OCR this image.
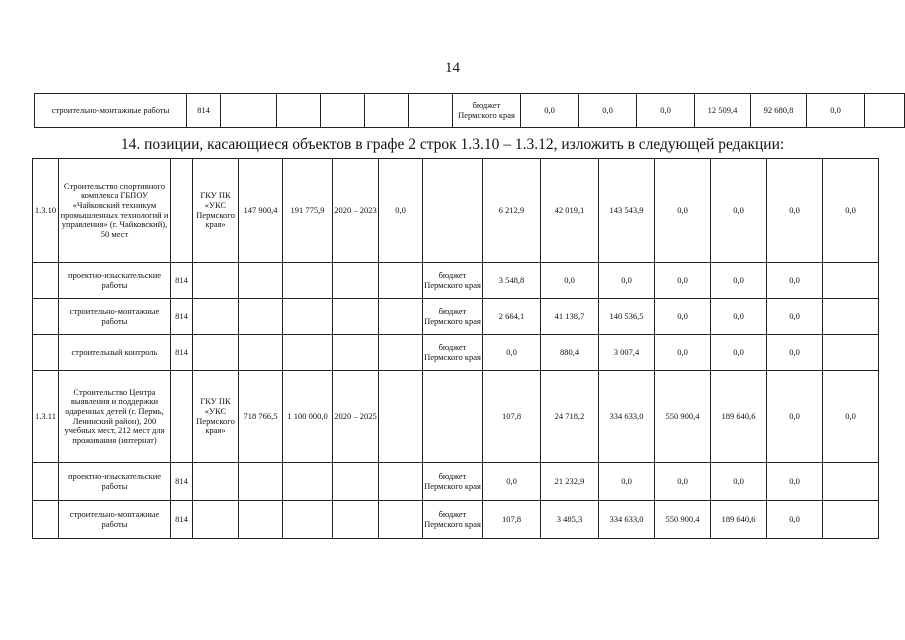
14
строительно-монтажные работы	814						бюджет Пермского края	0,0	0,0	0,0	12 509,4	92 680,8	0,0	
14. позиции, касающиеся объектов в графе 2 строк 1.3.10 – 1.3.12, изложить в следующей редакции:
1.3.10	Строительство спортивного комплекса ГБПОУ «Чайковский техникум промышленных технологий и управления» (г. Чайковский), 50 мест		ГКУ ПК «УКС Пермского края»	147 900,4	191 775,9	2020 – 2023	0,0		6 212,9	42 019,1	143 543,9	0,0	0,0	0,0	0,0
	проектно-изыскательские работы	814						бюджет Пермского края	3 548,8	0,0	0,0	0,0	0,0	0,0	
	строительно-монтажные работы	814						бюджет Пермского края	2 664,1	41 138,7	140 536,5	0,0	0,0	0,0	
	строительный контроль	814						бюджет Пермского края	0,0	880,4	3 007,4	0,0	0,0	0,0	
1.3.11	Строительство Центра выявления и поддержки одаренных детей (г. Пермь, Ленинский район), 200 учебных мест, 212 мест для проживания (интернат)		ГКУ ПК «УКС Пермского края»	718 766,5	1 100 000,0	2020 – 2025			107,8	24 718,2	334 633,0	550 900,4	189 640,6	0,0	0,0
	проектно-изыскательские работы	814						бюджет Пермского края	0,0	21 232,9	0,0	0,0	0,0	0,0	
	строительно-монтажные работы	814						бюджет Пермского края	107,8	3 485,3	334 633,0	550 900.4	189 640,6	0,0	
